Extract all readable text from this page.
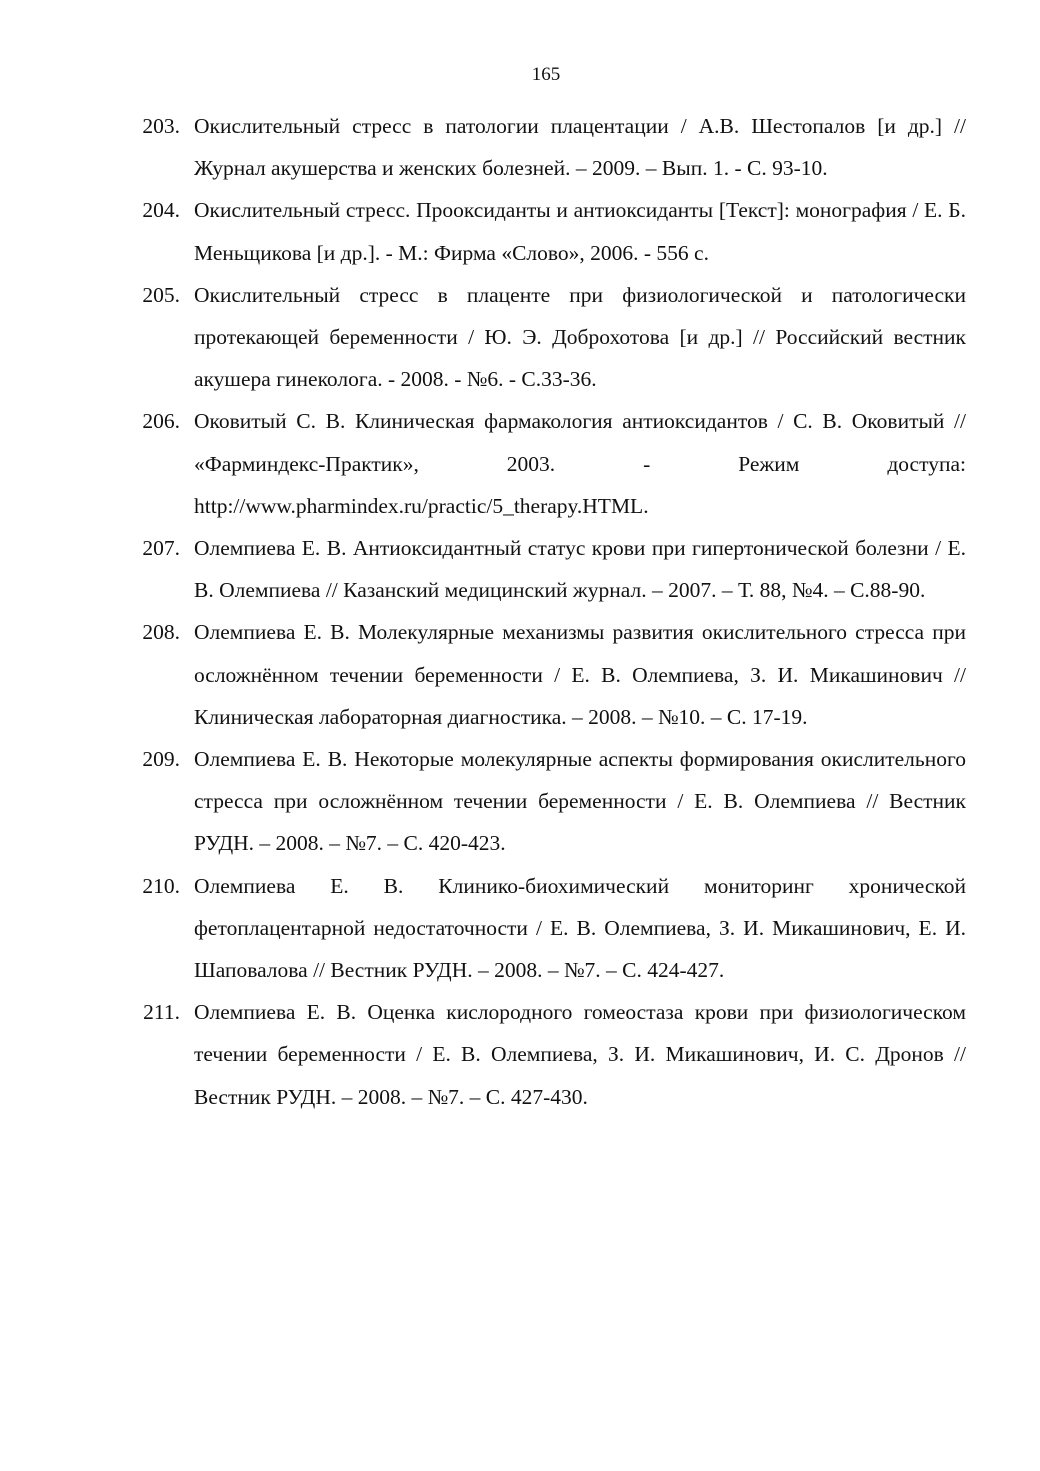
165
203. Окислительный стресс в патологии плацентации / А.В. Шестопалов [и др.] // Журнал акушерства и женских болезней. – 2009. – Вып. 1. - С. 93-10.
204. Окислительный стресс. Прооксиданты и антиоксиданты [Текст]: монография / Е. Б. Меньщикова [и др.]. - М.: Фирма «Слово», 2006. - 556 с.
205. Окислительный стресс в плаценте при физиологической и патологически протекающей беременности / Ю. Э. Доброхотова [и др.] // Российский вестник акушера гинеколога. - 2008. - №6. - С.33-36.
206. Оковитый С. В. Клиническая фармакология антиоксидантов / С. В. Оковитый // «Фарминдекс-Практик», 2003. - Режим доступа: http://www.pharmindex.ru/practic/5_therapy.HTML.
207. Олемпиева Е. В. Антиоксидантный статус крови при гипертонической болезни / Е. В. Олемпиева // Казанский медицинский журнал. – 2007. – Т. 88, №4. – С.88-90.
208. Олемпиева Е. В. Молекулярные механизмы развития окислительного стресса при осложнённом течении беременности / Е. В. Олемпиева, З. И. Микашинович // Клиническая лабораторная диагностика. – 2008. – №10. – С. 17-19.
209. Олемпиева Е. В. Некоторые молекулярные аспекты формирования окислительного стресса при осложнённом течении беременности / Е. В. Олемпиева // Вестник РУДН. – 2008. – №7. – С. 420-423.
210. Олемпиева Е. В. Клинико-биохимический мониторинг хронической фетоплацентарной недостаточности / Е. В. Олемпиева, З. И. Микашинович, Е. И. Шаповалова // Вестник РУДН. – 2008. – №7. – С. 424-427.
211. Олемпиева Е. В. Оценка кислородного гомеостаза крови при физиологическом течении беременности / Е. В. Олемпиева, З. И. Микашинович, И. С. Дронов // Вестник РУДН. – 2008. – №7. – С. 427-430.
